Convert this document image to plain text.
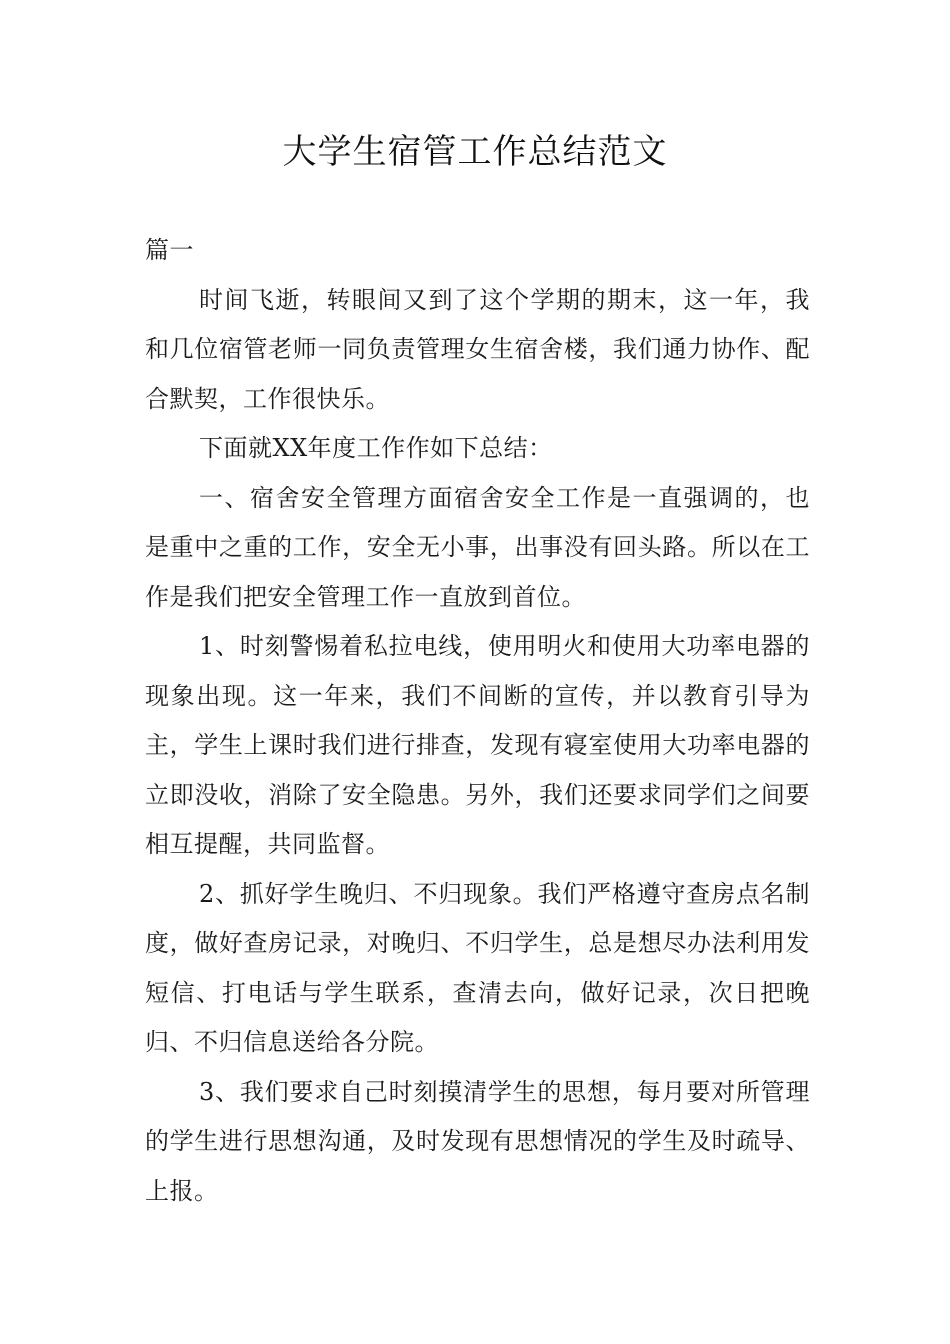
大学生宿管工作总结范文

篇一

时间飞逝，转眼间又到了这个学期的期末，这一年，我和几位宿管老师一同负责管理女生宿舍楼，我们通力协作、配合默契，工作很快乐。

下面就XX年度工作作如下总结：

一、宿舍安全管理方面宿舍安全工作是一直强调的，也是重中之重的工作，安全无小事，出事没有回头路。所以在工作是我们把安全管理工作一直放到首位。

1、时刻警惕着私拉电线，使用明火和使用大功率电器的现象出现。这一年来，我们不间断的宣传，并以教育引导为主，学生上课时我们进行排查，发现有寝室使用大功率电器的立即没收，消除了安全隐患。另外，我们还要求同学们之间要相互提醒，共同监督。

2、抓好学生晚归、不归现象。我们严格遵守查房点名制度，做好查房记录，对晚归、不归学生，总是想尽办法利用发短信、打电话与学生联系，查清去向，做好记录，次日把晚归、不归信息送给各分院。

3、我们要求自己时刻摸清学生的思想，每月要对所管理的学生进行思想沟通，及时发现有思想情况的学生及时疏导、上报。
